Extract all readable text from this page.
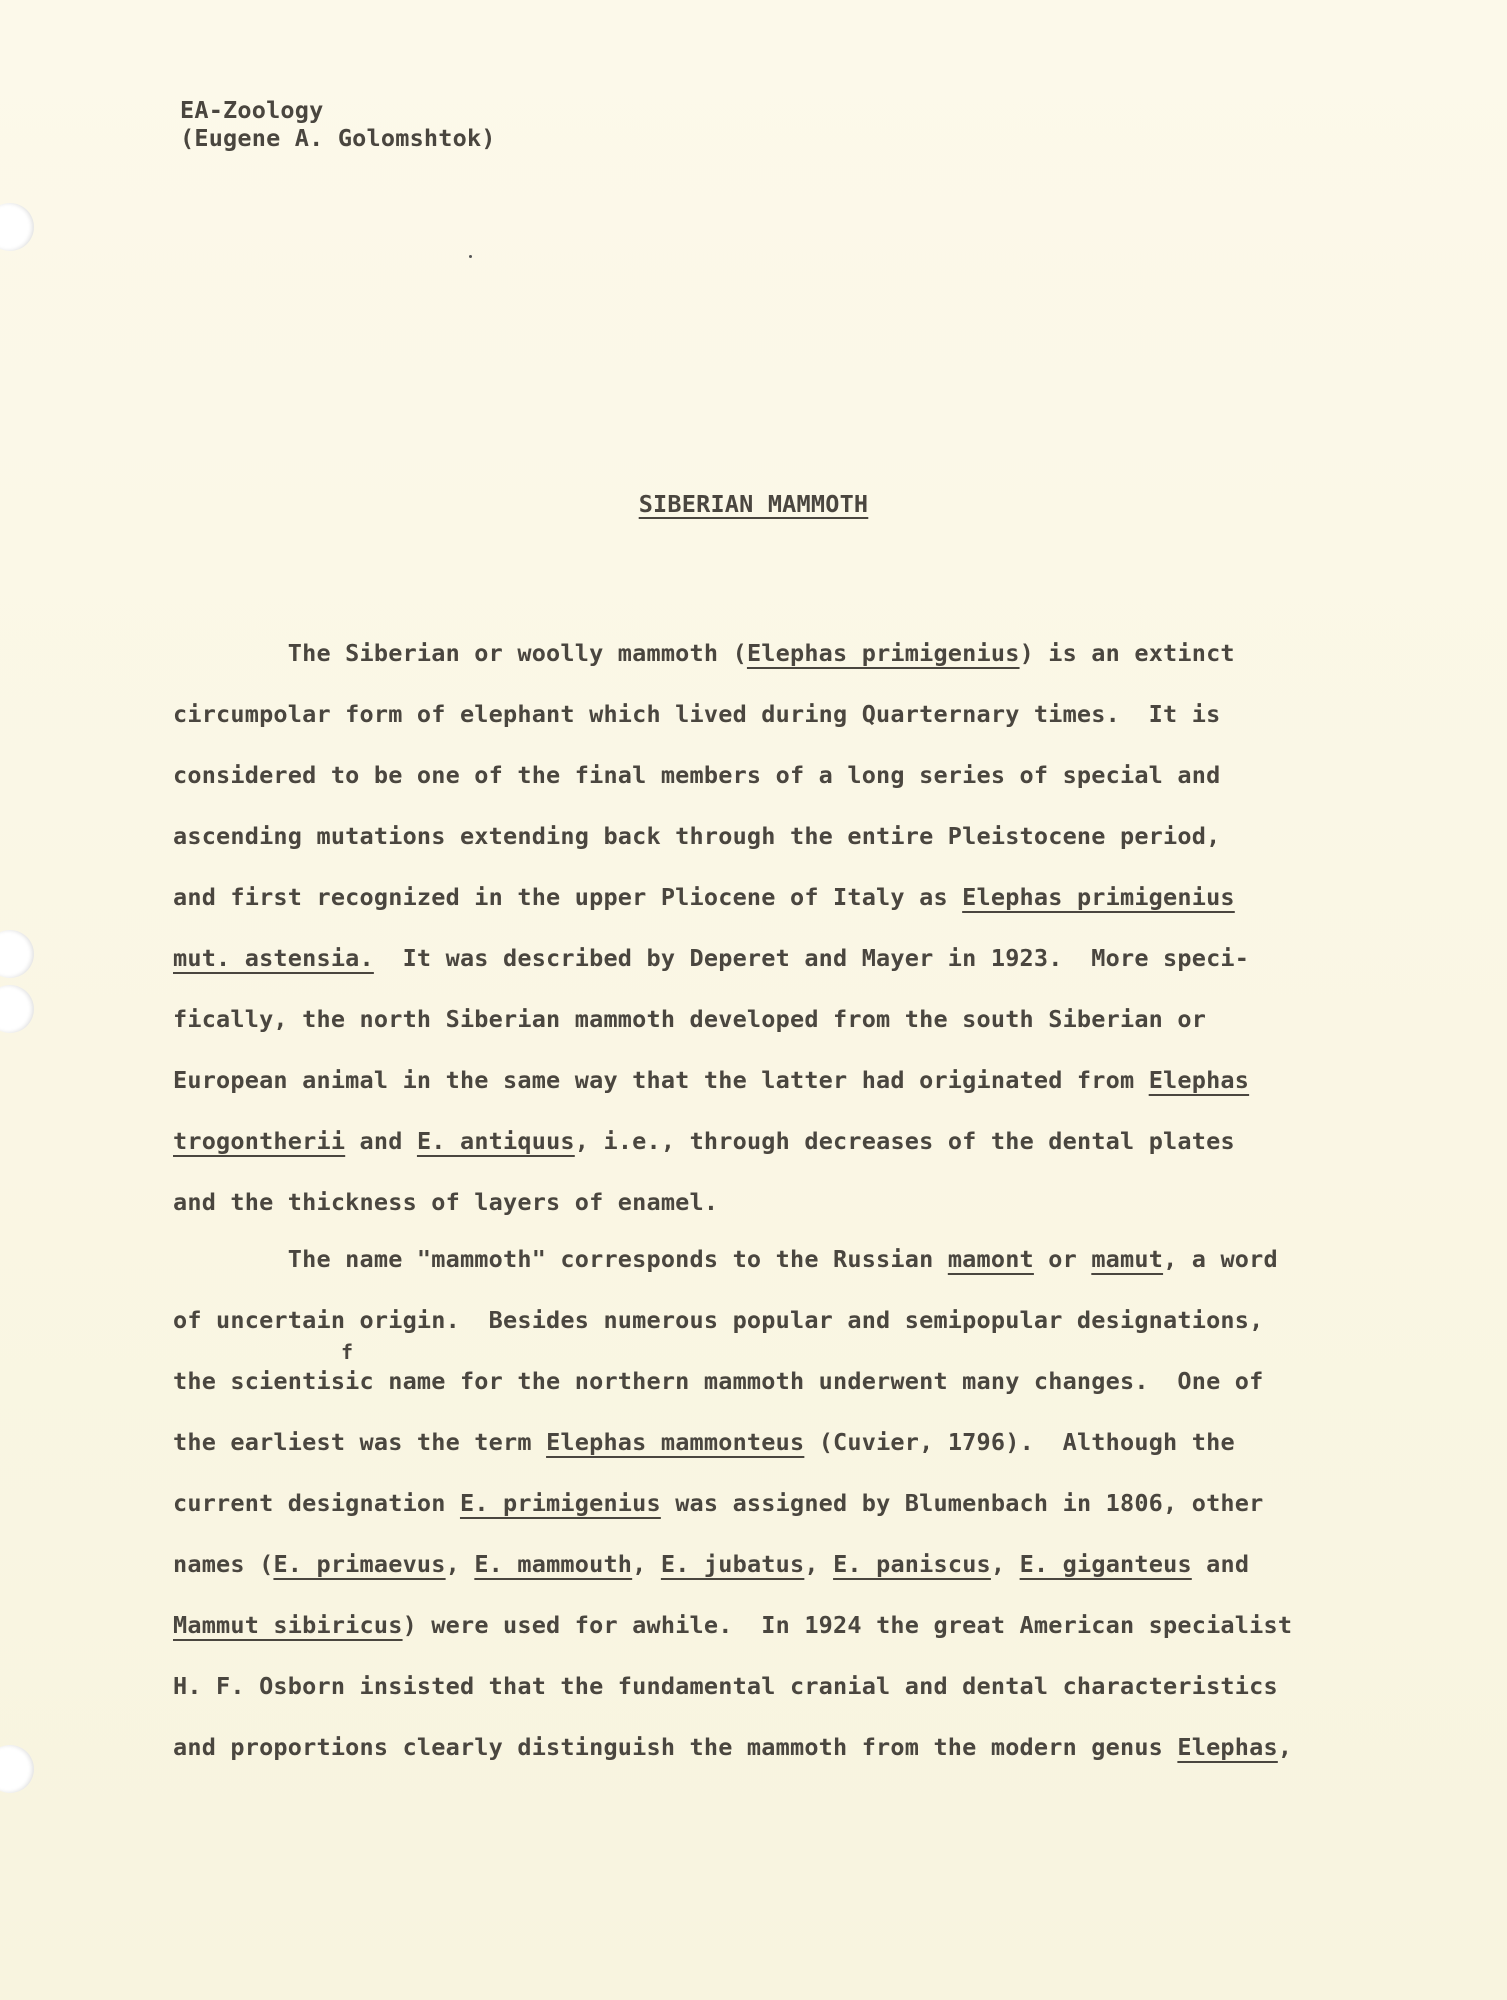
EA-Zoology
(Eugene A. Golomshtok)
SIBERIAN MAMMOTH
The Siberian or woolly mammoth (Elephas primigenius) is an extinct
circumpolar form of elephant which lived during Quarternary times.  It is
considered to be one of the final members of a long series of special and
ascending mutations extending back through the entire Pleistocene period,
and first recognized in the upper Pliocene of Italy as Elephas primigenius
mut. astensia.  It was described by Deperet and Mayer in 1923.  More speci-
fically, the north Siberian mammoth developed from the south Siberian or
European animal in the same way that the latter had originated from Elephas
trogontherii and E. antiquus, i.e., through decreases of the dental plates
and the thickness of layers of enamel.
f
The name "mammoth" corresponds to the Russian mamont or mamut, a word
of uncertain origin.  Besides numerous popular and semipopular designations,
the scientisic name for the northern mammoth underwent many changes.  One of
the earliest was the term Elephas mammonteus (Cuvier, 1796).  Although the
current designation E. primigenius was assigned by Blumenbach in 1806, other
names (E. primaevus, E. mammouth, E. jubatus, E. paniscus, E. giganteus and
Mammut sibiricus) were used for awhile.  In 1924 the great American specialist
H. F. Osborn insisted that the fundamental cranial and dental characteristics
and proportions clearly distinguish the mammoth from the modern genus Elephas,
